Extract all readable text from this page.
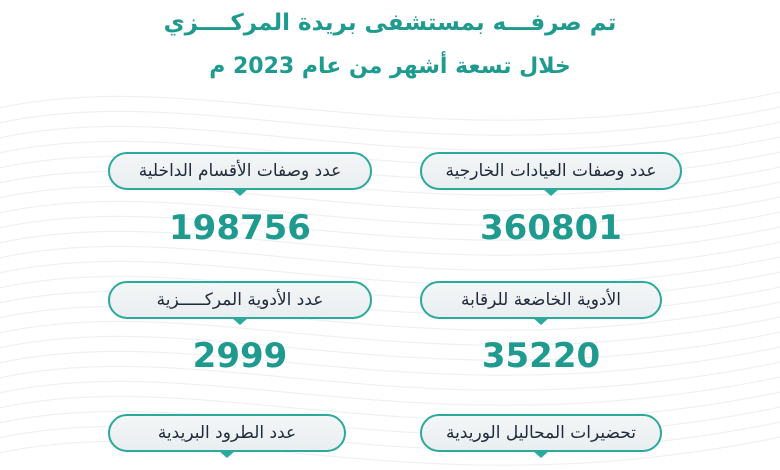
تم صرفـــه بمستشفى بريدة المركــــزي
خلال تسعة أشهر من عام 2023 م
عدد وصفات العيادات الخارجية
360801
عدد وصفات الأقسام الداخلية
198756
الأدوية الخاضعة للرقابة
35220
عدد الأدوية المركـــــزية
2999
تحضيرات المحاليل الوريدية
عدد الطرود البريدية
